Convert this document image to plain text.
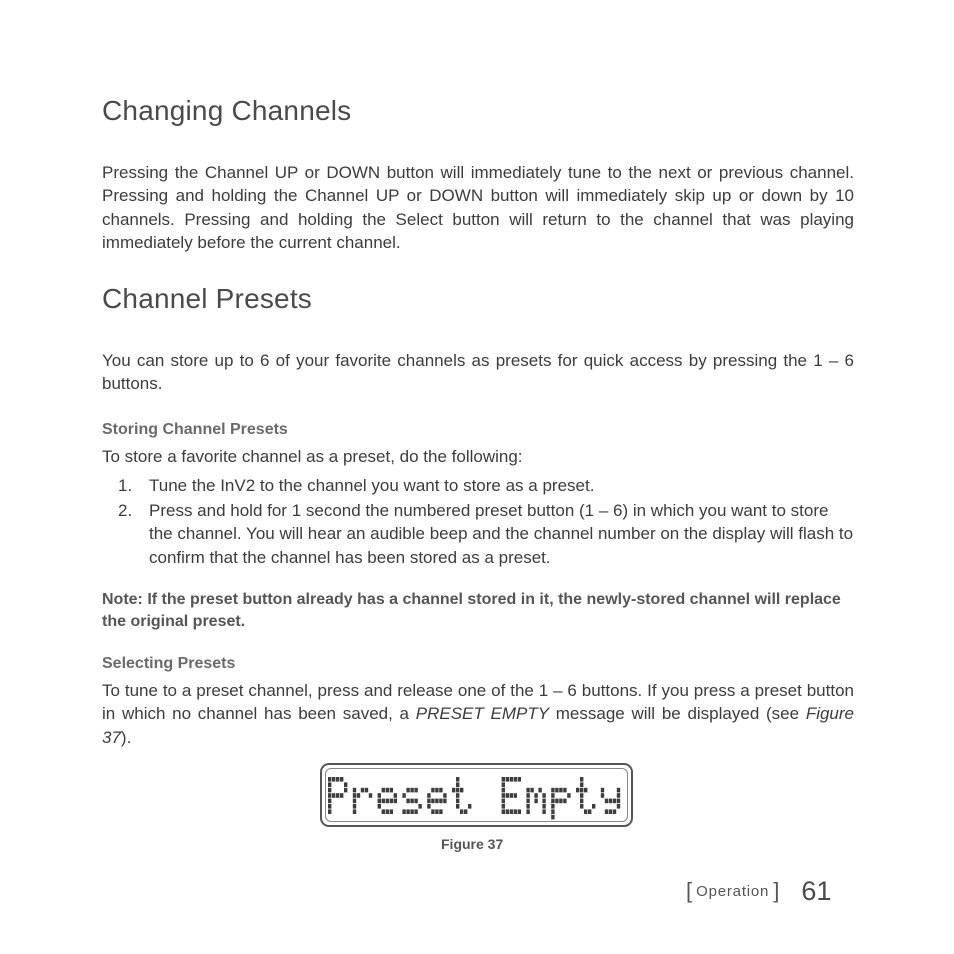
Changing Channels

Pressing the Channel UP or DOWN button will immediately tune to the next or previous channel. Pressing and holding the Channel UP or DOWN button will immediately skip up or down by 10 channels. Pressing and holding the Select button will return to the channel that was playing immediately before the current channel.

Channel Presets

You can store up to 6 of your favorite channels as presets for quick access by pressing the 1 – 6 buttons.

Storing Channel Presets

To store a favorite channel as a preset, do the following:

1. Tune the InV2 to the channel you want to store as a preset.
2. Press and hold for 1 second the numbered preset button (1 – 6) in which you want to store the channel. You will hear an audible beep and the channel number on the display will flash to confirm that the channel has been stored as a preset.

Note: If the preset button already has a channel stored in it, the newly-stored channel will replace the original preset.

Selecting Presets

To tune to a preset channel, press and release one of the 1 – 6 buttons. If you press a preset button in which no channel has been saved, a PRESET EMPTY message will be displayed (see Figure 37).

Figure 37
[ Operation ] 61
